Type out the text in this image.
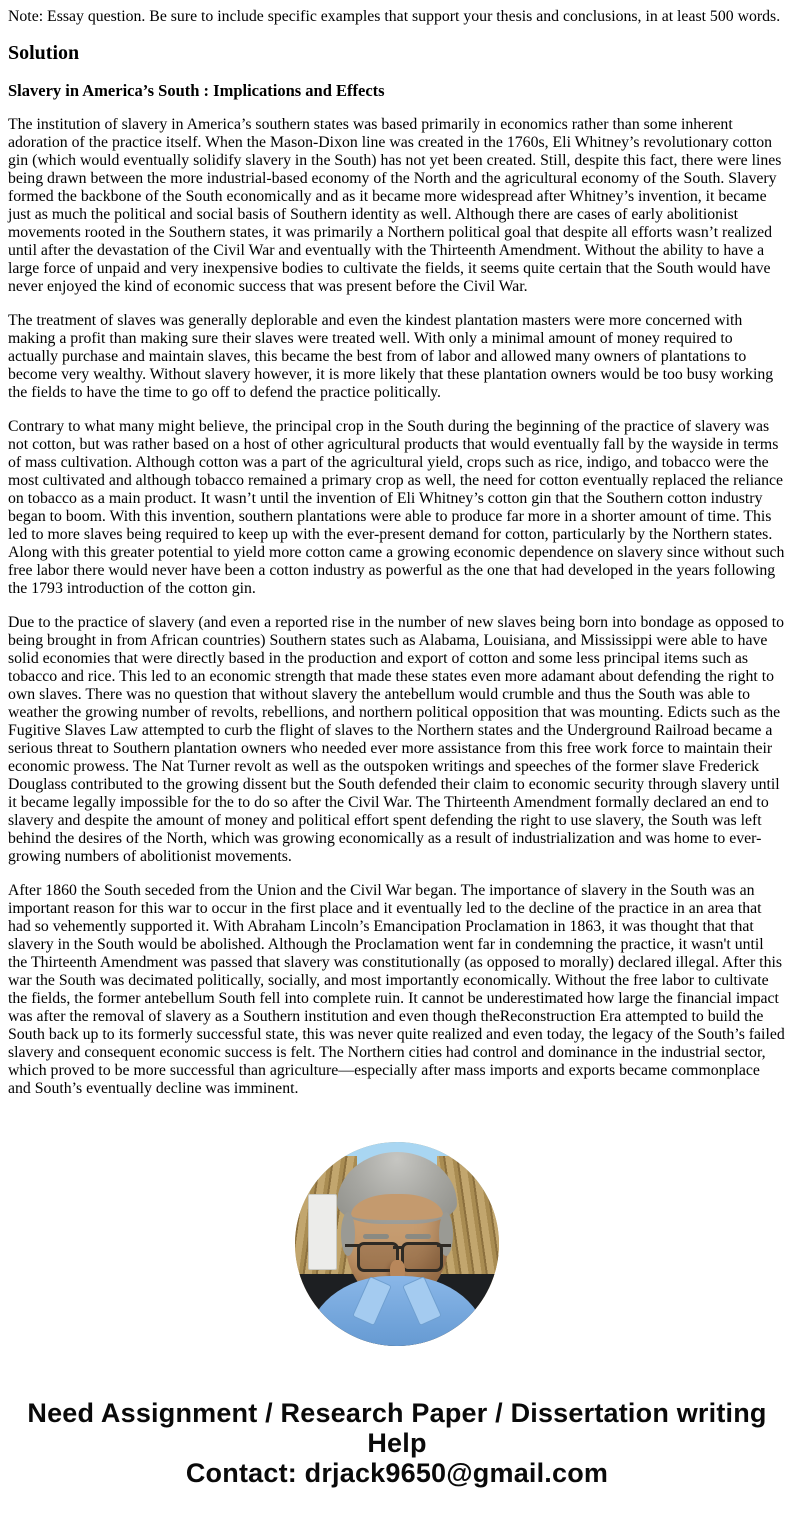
Note: Essay question. Be sure to include specific examples that support your thesis and conclusions, in at least 500 words.

Solution
Slavery in America’s South : Implications and Effects

The institution of slavery in America’s southern states was based primarily in economics rather than some inherent adoration of the practice itself. When the Mason-Dixon line was created in the 1760s, Eli Whitney’s revolutionary cotton gin (which would eventually solidify slavery in the South) has not yet been created. Still, despite this fact, there were lines being drawn between the more industrial-based economy of the North and the agricultural economy of the South. Slavery formed the backbone of the South economically and as it became more widespread after Whitney’s invention, it became just as much the political and social basis of Southern identity as well. Although there are cases of early abolitionist movements rooted in the Southern states, it was primarily a Northern political goal that despite all efforts wasn’t realized until after the devastation of the Civil War and eventually with the Thirteenth Amendment. Without the ability to have a large force of unpaid and very inexpensive bodies to cultivate the fields, it seems quite certain that the South would have never enjoyed the kind of economic success that was present before the Civil War.

The treatment of slaves was generally deplorable and even the kindest plantation masters were more concerned with making a profit than making sure their slaves were treated well. With only a minimal amount of money required to actually purchase and maintain slaves, this became the best from of labor and allowed many owners of plantations to become very wealthy. Without slavery however, it is more likely that these plantation owners would be too busy working the fields to have the time to go off to defend the practice politically.

Contrary to what many might believe, the principal crop in the South during the beginning of the practice of slavery was not cotton, but was rather based on a host of other agricultural products that would eventually fall by the wayside in terms of mass cultivation. Although cotton was a part of the agricultural yield, crops such as rice, indigo, and tobacco were the most cultivated and although tobacco remained a primary crop as well, the need for cotton eventually replaced the reliance on tobacco as a main product. It wasn’t until the invention of Eli Whitney’s cotton gin that the Southern cotton industry began to boom. With this invention, southern plantations were able to produce far more in a shorter amount of time. This led to more slaves being required to keep up with the ever-present demand for cotton, particularly by the Northern states. Along with this greater potential to yield more cotton came a growing economic dependence on slavery since without such free labor there would never have been a cotton industry as powerful as the one that had developed in the years following the 1793 introduction of the cotton gin.

Due to the practice of slavery (and even a reported rise in the number of new slaves being born into bondage as opposed to being brought in from African countries) Southern states such as Alabama, Louisiana, and Mississippi were able to have solid economies that were directly based in the production and export of cotton and some less principal items such as tobacco and rice. This led to an economic strength that made these states even more adamant about defending the right to own slaves. There was no question that without slavery the antebellum would crumble and thus the South was able to weather the growing number of revolts, rebellions, and northern political opposition that was mounting. Edicts such as the Fugitive Slaves Law attempted to curb the flight of slaves to the Northern states and the Underground Railroad became a serious threat to Southern plantation owners who needed ever more assistance from this free work force to maintain their economic prowess. The Nat Turner revolt as well as the outspoken writings and speeches of the former slave Frederick Douglass contributed to the growing dissent but the South defended their claim to economic security through slavery until it became legally impossible for the to do so after the Civil War. The Thirteenth Amendment formally declared an end to slavery and despite the amount of money and political effort spent defending the right to use slavery, the South was left behind the desires of the North, which was growing economically as a result of industrialization and was home to ever-growing numbers of abolitionist movements.

After 1860 the South seceded from the Union and the Civil War began. The importance of slavery in the South was an important reason for this war to occur in the first place and it eventually led to the decline of the practice in an area that had so vehemently supported it. With Abraham Lincoln’s Emancipation Proclamation in 1863, it was thought that that slavery in the South would be abolished. Although the Proclamation went far in condemning the practice, it wasn't until the Thirteenth Amendment was passed that slavery was constitutionally (as opposed to morally) declared illegal. After this war the South was decimated politically, socially, and most importantly economically. Without the free labor to cultivate the fields, the former antebellum South fell into complete ruin. It cannot be underestimated how large the financial impact was after the removal of slavery as a Southern institution and even though theReconstruction Era attempted to build the South back up to its formerly successful state, this was never quite realized and even today, the legacy of the South’s failed slavery and consequent economic success is felt. The Northern cities had control and dominance in the industrial sector, which proved to be more successful than agriculture—especially after mass imports and exports became commonplace and South’s eventually decline was imminent.

Need Assignment / Research Paper / Dissertation writing Help
Contact: drjack9650@gmail.com
